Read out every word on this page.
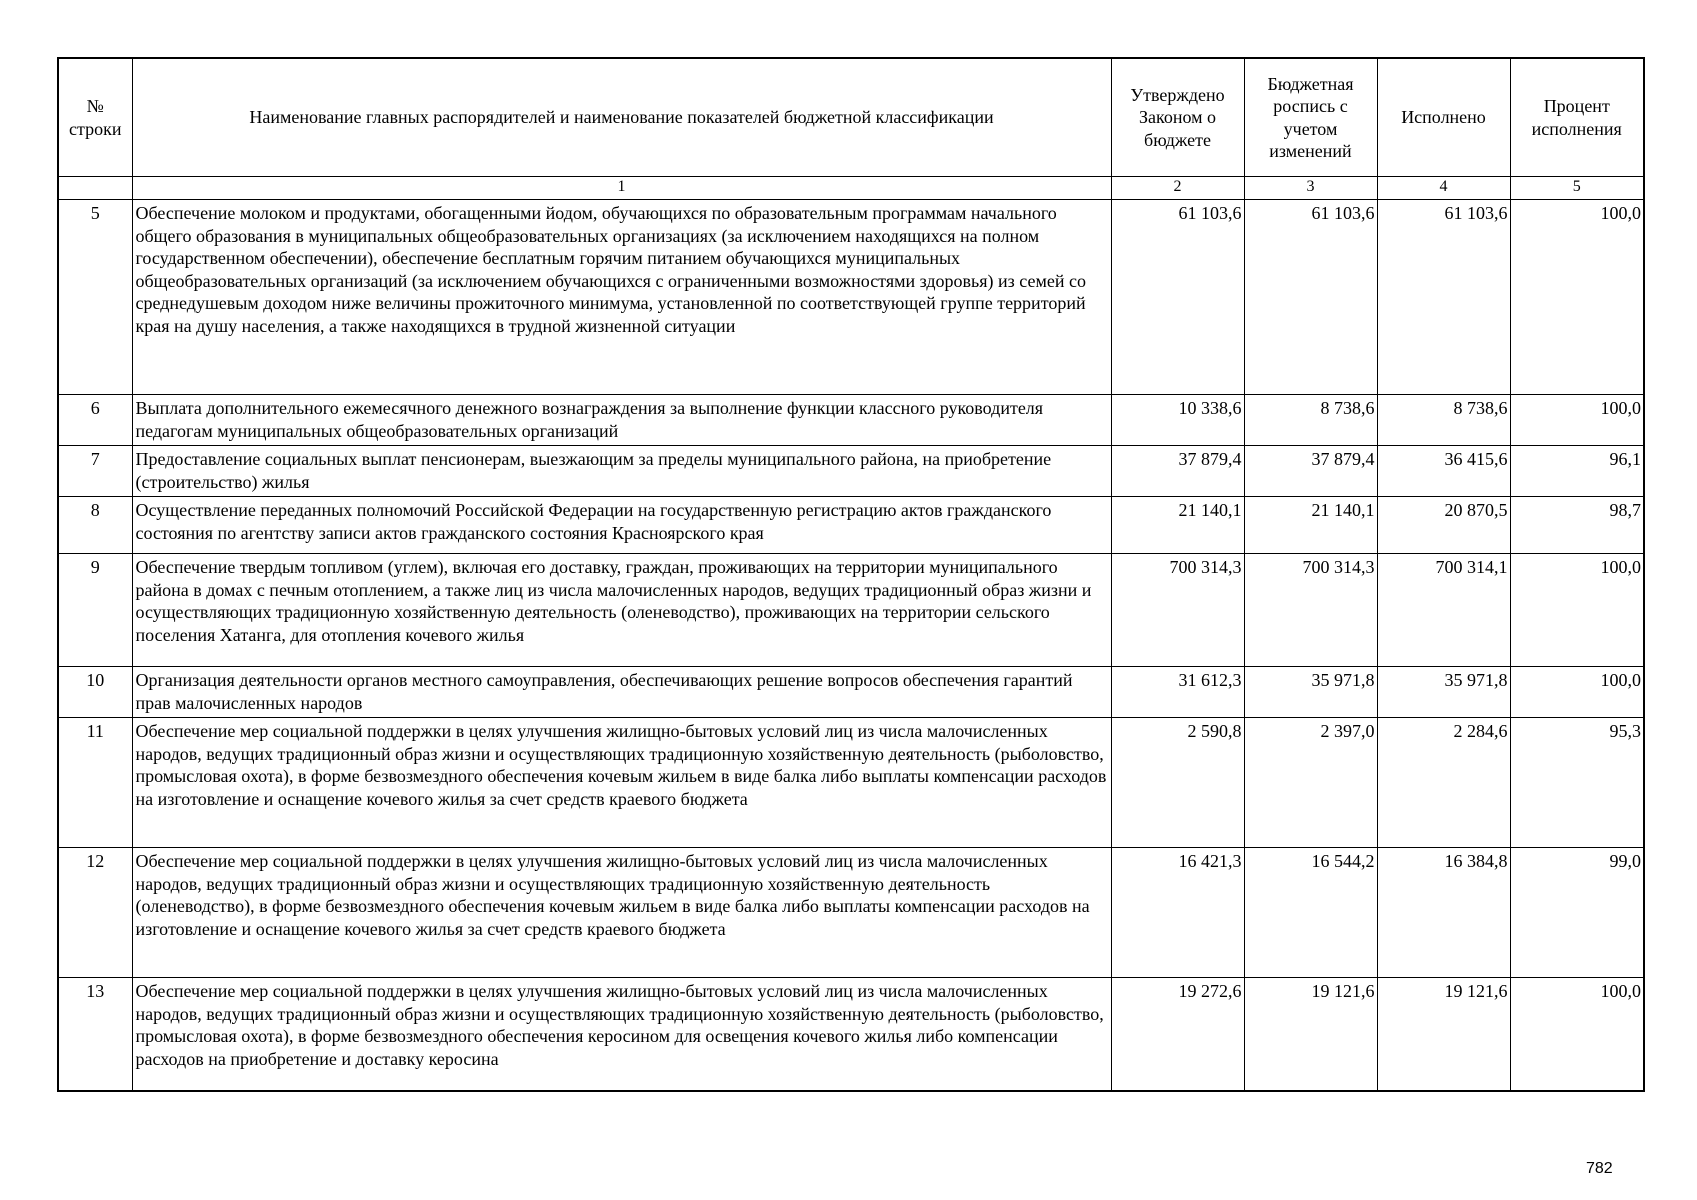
№ строки	Наименование главных распорядителей и наименование показателей бюджетной классификации	Утверждено Законом о бюджете	Бюджетная роспись с учетом изменений	Исполнено	Процент исполнения
	1	2	3	4	5
5	Обеспечение молоком и продуктами, обогащенными йодом, обучающихся по образовательным программам начального общего образования в муниципальных общеобразовательных организациях (за исключением находящихся на полном государственном обеспечении), обеспечение бесплатным горячим питанием обучающихся муниципальных общеобразовательных организаций (за исключением обучающихся с ограниченными возможностями здоровья) из семей со среднедушевым доходом ниже величины прожиточного минимума, установленной по соответствующей группе территорий края на душу населения, а также находящихся в трудной жизненной ситуации	61 103,6	61 103,6	61 103,6	100,0
6	Выплата дополнительного ежемесячного денежного вознаграждения за выполнение функции классного руководителя педагогам муниципальных общеобразовательных организаций	10 338,6	8 738,6	8 738,6	100,0
7	Предоставление социальных выплат пенсионерам, выезжающим за пределы муниципального района, на приобретение (строительство) жилья	37 879,4	37 879,4	36 415,6	96,1
8	Осуществление переданных полномочий Российской Федерации на государственную регистрацию актов гражданского состояния по агентству записи актов гражданского состояния Красноярского края	21 140,1	21 140,1	20 870,5	98,7
9	Обеспечение твердым топливом (углем), включая его доставку, граждан, проживающих на территории муниципального района в домах с печным отоплением, а также лиц из числа малочисленных народов, ведущих традиционный образ жизни и осуществляющих традиционную хозяйственную деятельность (оленеводство), проживающих на территории сельского поселения Хатанга, для отопления кочевого жилья	700 314,3	700 314,3	700 314,1	100,0
10	Организация деятельности органов местного самоуправления, обеспечивающих решение вопросов обеспечения гарантий прав малочисленных народов	31 612,3	35 971,8	35 971,8	100,0
11	Обеспечение мер социальной поддержки в целях улучшения жилищно-бытовых условий лиц из числа малочисленных народов, ведущих традиционный образ жизни и осуществляющих традиционную хозяйственную деятельность (рыболовство, промысловая охота), в форме безвозмездного обеспечения кочевым жильем в виде балка либо выплаты компенсации расходов на изготовление и оснащение кочевого жилья за счет средств краевого бюджета	2 590,8	2 397,0	2 284,6	95,3
12	Обеспечение мер социальной поддержки в целях улучшения жилищно-бытовых условий лиц из числа малочисленных народов, ведущих традиционный образ жизни и осуществляющих традиционную хозяйственную деятельность (оленеводство), в форме безвозмездного обеспечения кочевым жильем в виде балка либо выплаты компенсации расходов на изготовление и оснащение кочевого жилья за счет средств краевого бюджета	16 421,3	16 544,2	16 384,8	99,0
13	Обеспечение мер социальной поддержки в целях улучшения жилищно-бытовых условий лиц из числа малочисленных народов, ведущих традиционный образ жизни и осуществляющих традиционную хозяйственную деятельность (рыболовство, промысловая охота), в форме безвозмездного обеспечения керосином для освещения кочевого жилья либо компенсации расходов на приобретение и доставку керосина	19 272,6	19 121,6	19 121,6	100,0
782
